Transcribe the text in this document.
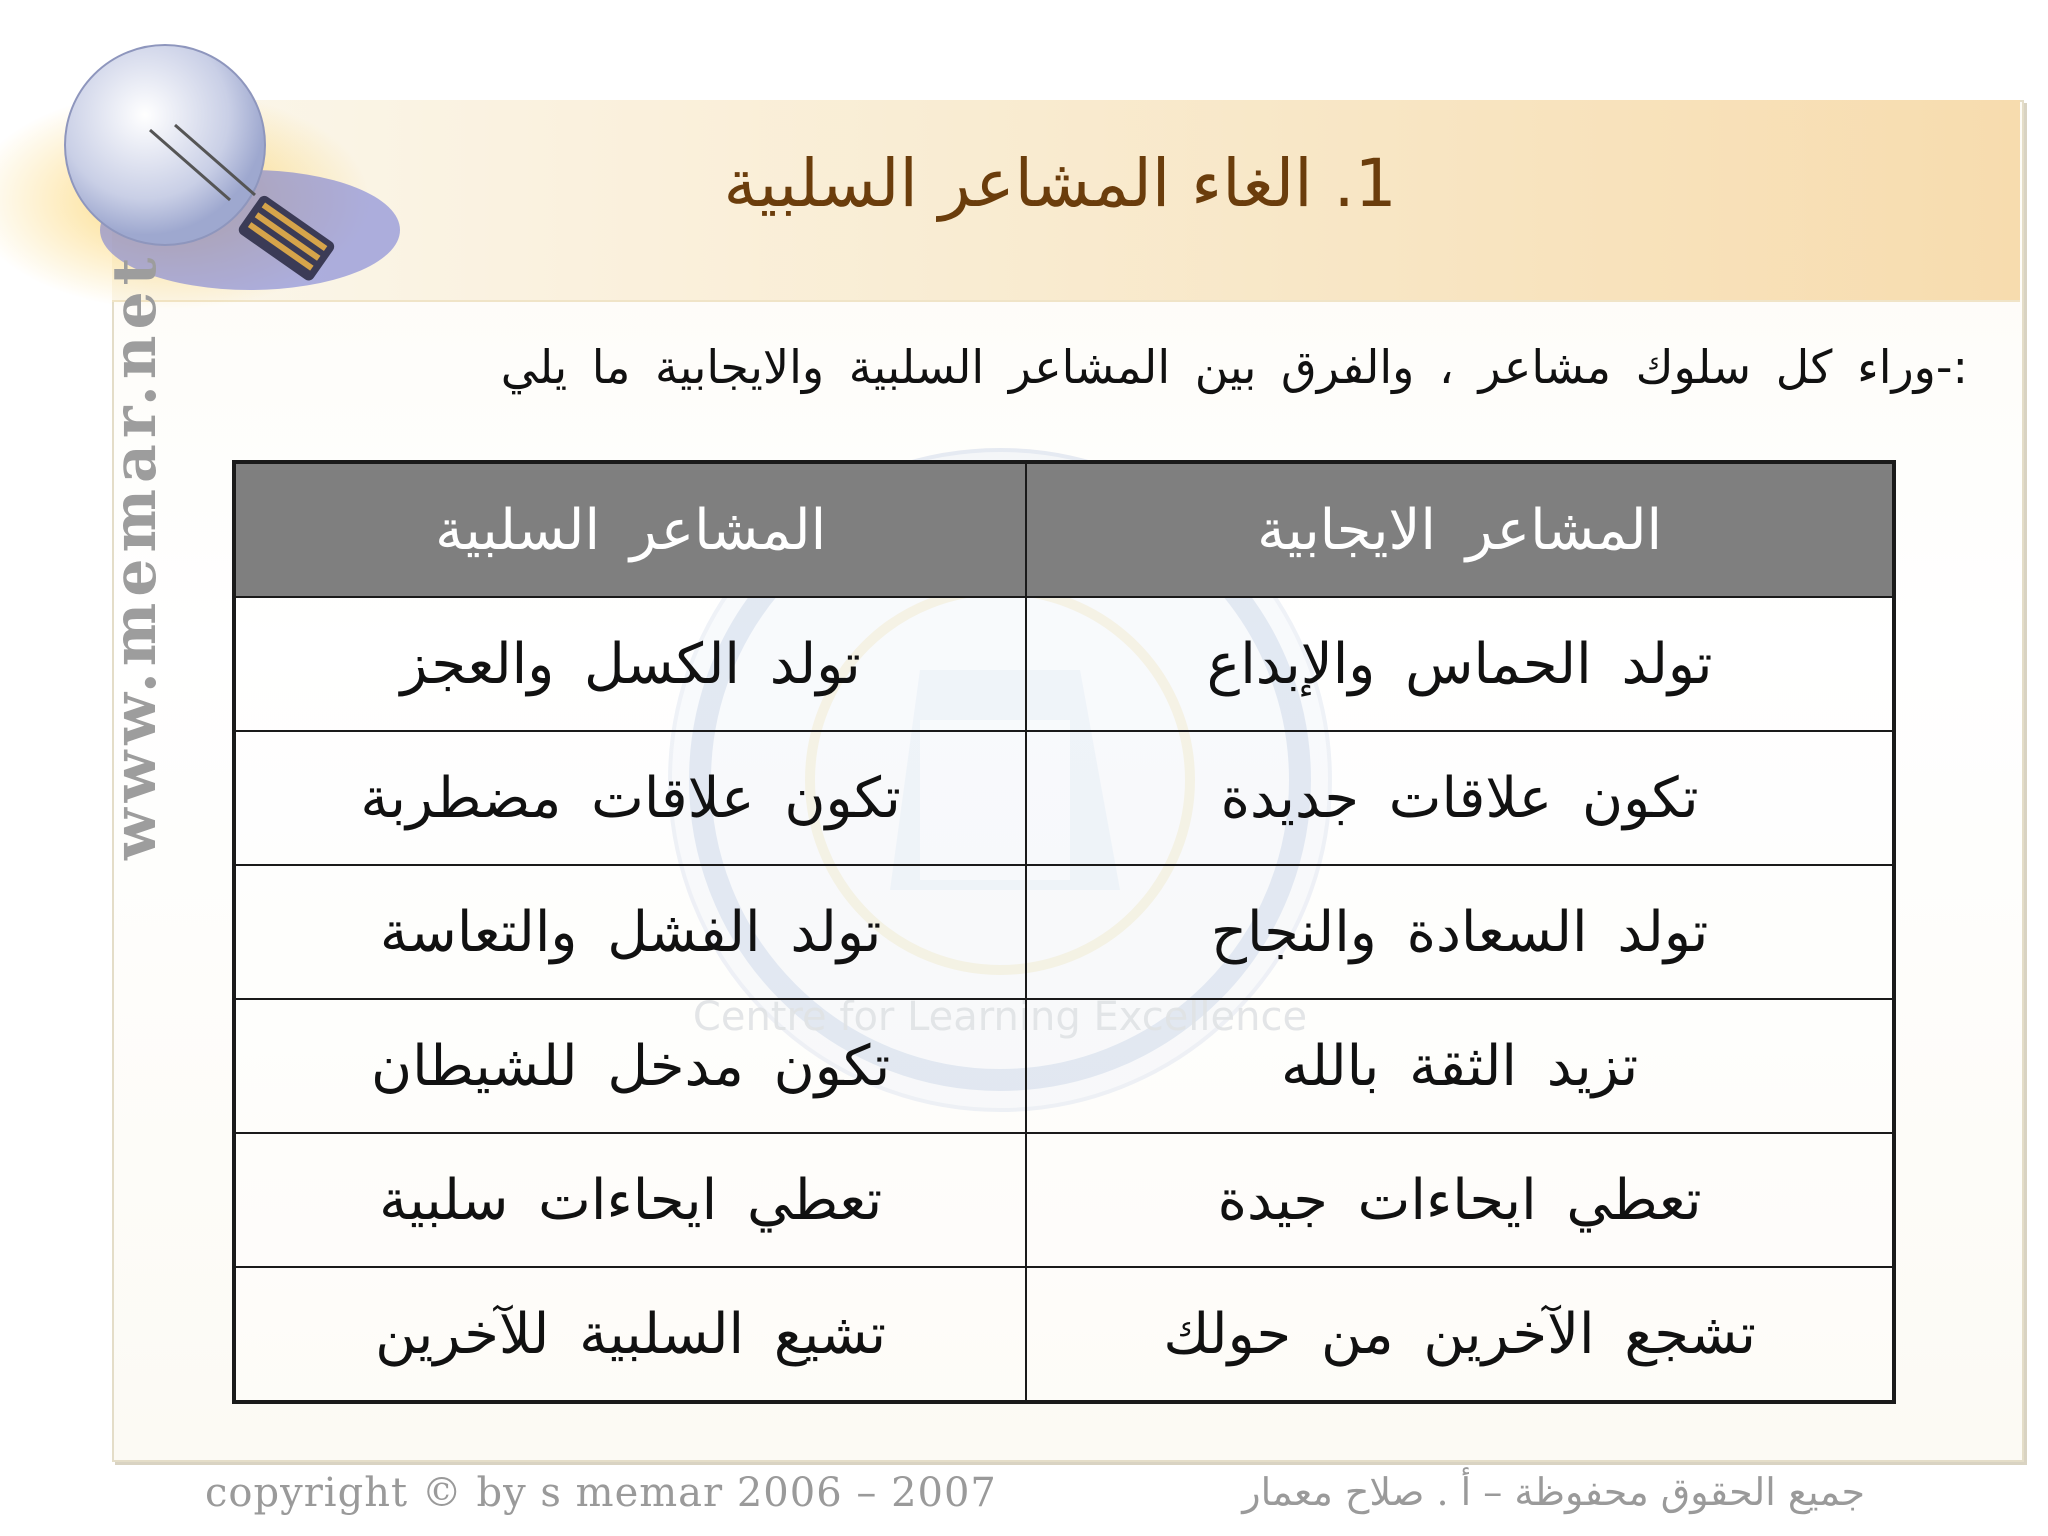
www.memar.net
Centre for Learning Excellence
1. الغاء المشاعر السلبية
:-وراء كل سلوك مشاعر ، والفرق بين المشاعر السلبية والايجابية ما يلي
المشاعر الايجابية	المشاعر السلبية
تولد الحماس والإبداع	تولد الكسل والعجز
تكون علاقات جديدة	تكون علاقات مضطربة
تولد السعادة والنجاح	تولد الفشل والتعاسة
تزيد الثقة بالله	تكون مدخل للشيطان
تعطي ايحاءات جيدة	تعطي ايحاءات سلبية
تشجع الآخرين من حولك	تشيع السلبية للآخرين
copyright © by s memar 2006 – 2007	جميع الحقوق محفوظة – أ . صلاح معمار
